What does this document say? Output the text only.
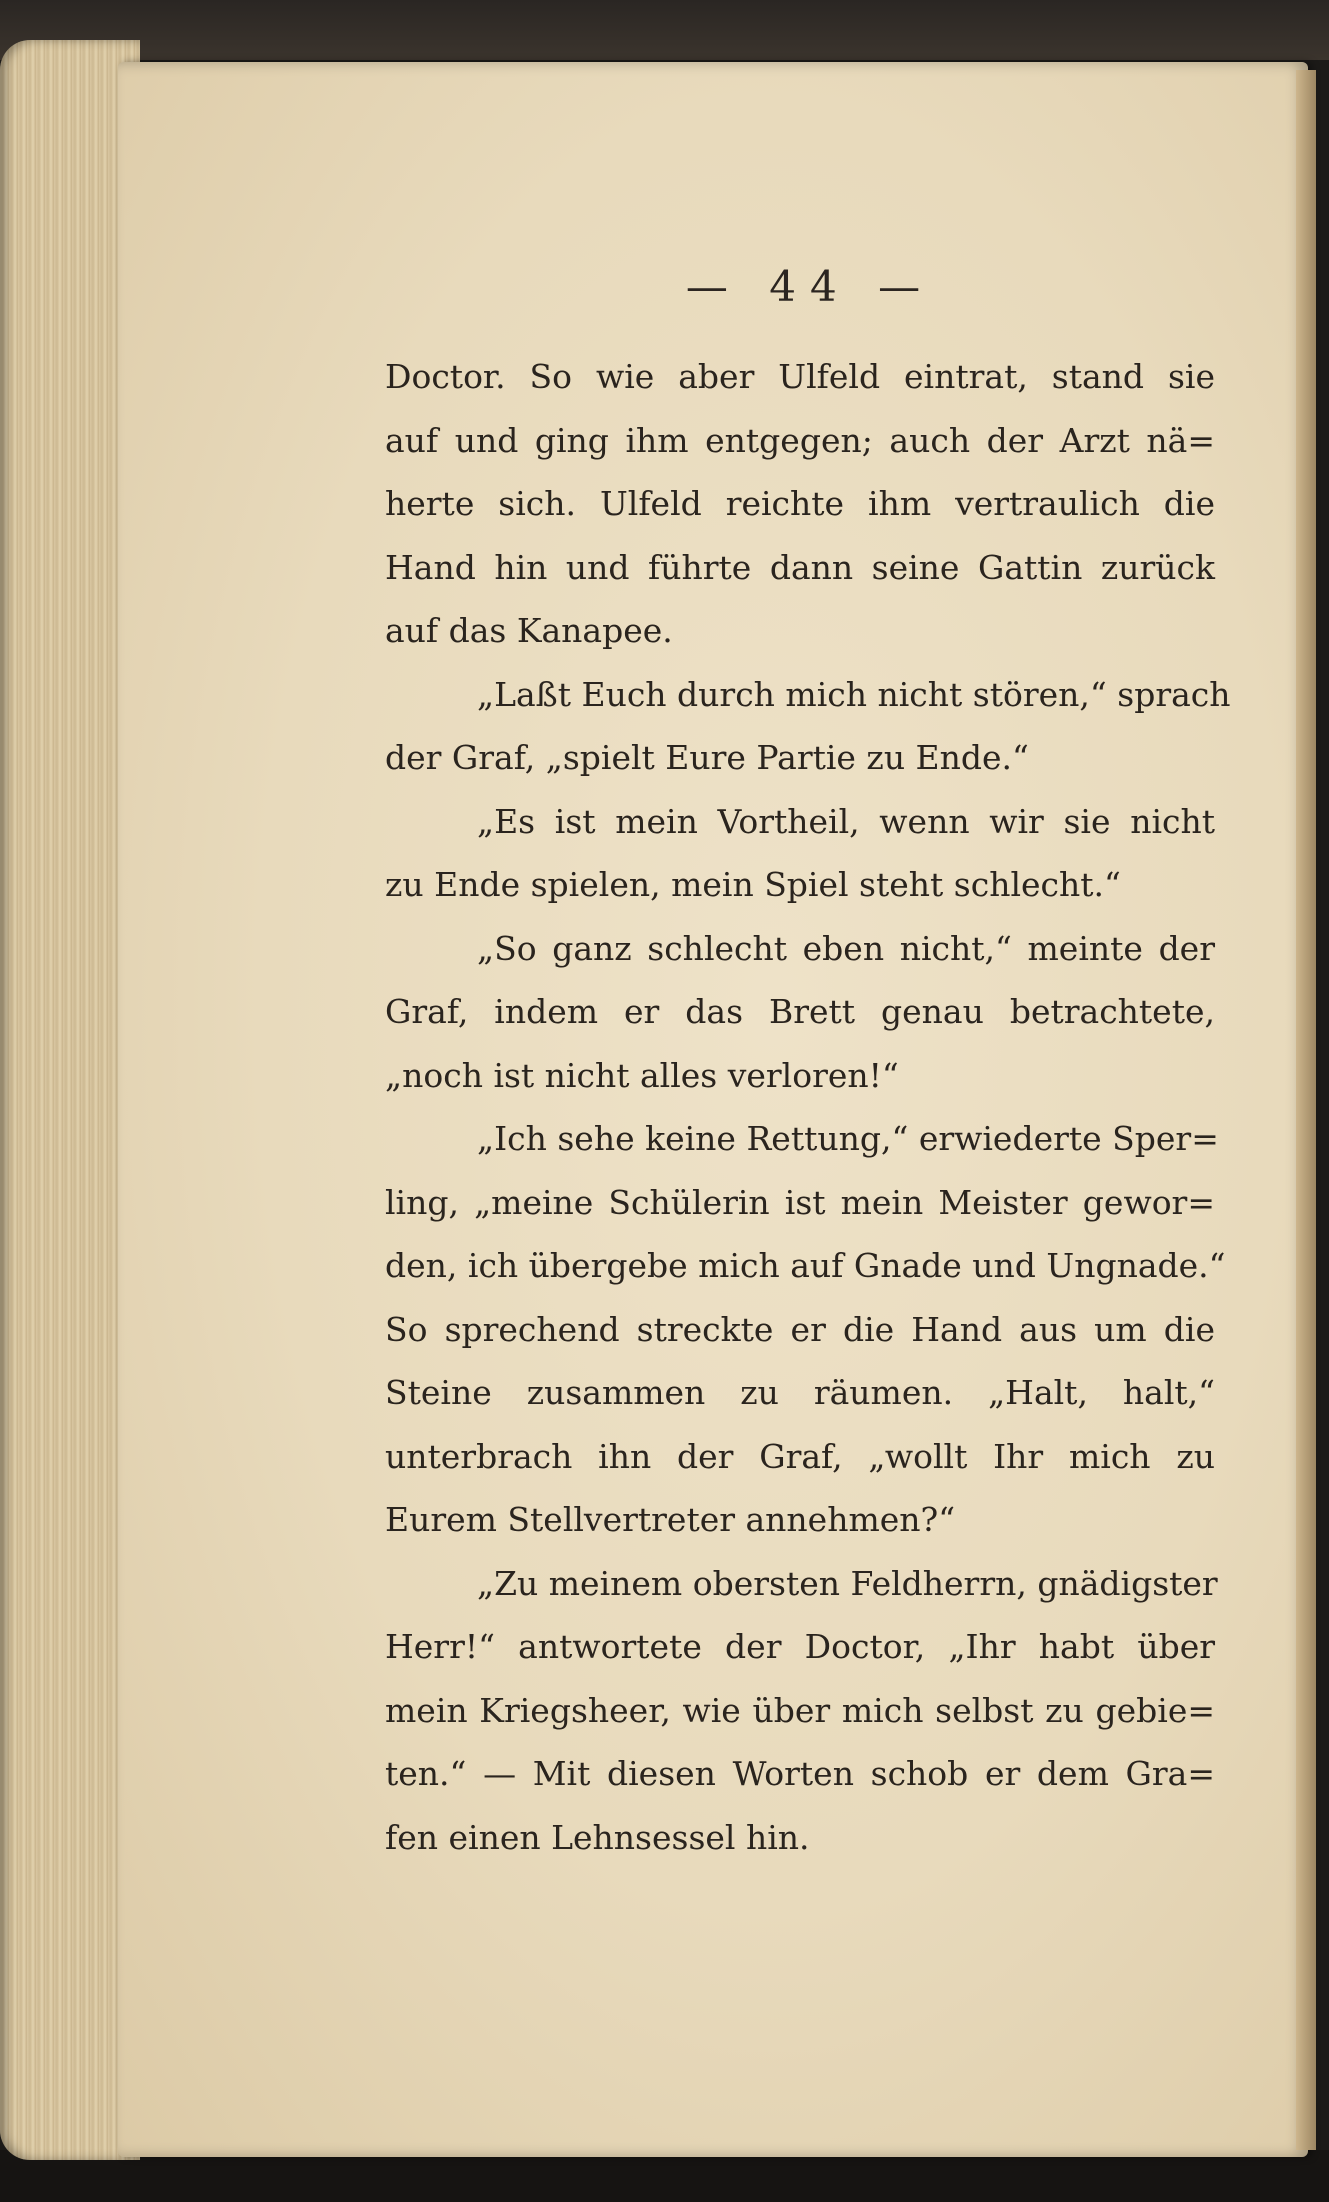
— 44 —
Doctor. So wie aber Ulfeld eintrat, stand sie
auf und ging ihm entgegen; auch der Arzt nä=
herte sich. Ulfeld reichte ihm vertraulich die
Hand hin und führte dann seine Gattin zurück
auf das Kanapee.
„Laßt Euch durch mich nicht stören,“ sprach
der Graf, „spielt Eure Partie zu Ende.“
„Es ist mein Vortheil, wenn wir sie nicht
zu Ende spielen, mein Spiel steht schlecht.“
„So ganz schlecht eben nicht,“ meinte der
Graf, indem er das Brett genau betrachtete,
„noch ist nicht alles verloren!“
„Ich sehe keine Rettung,“ erwiederte Sper=
ling, „meine Schülerin ist mein Meister gewor=
den, ich übergebe mich auf Gnade und Ungnade.“
So sprechend streckte er die Hand aus um die
Steine zusammen zu räumen. „Halt, halt,“
unterbrach ihn der Graf, „wollt Ihr mich zu
Eurem Stellvertreter annehmen?“
„Zu meinem obersten Feldherrn, gnädigster
Herr!“ antwortete der Doctor, „Ihr habt über
mein Kriegsheer, wie über mich selbst zu gebie=
ten.“ — Mit diesen Worten schob er dem Gra=
fen einen Lehnsessel hin.
